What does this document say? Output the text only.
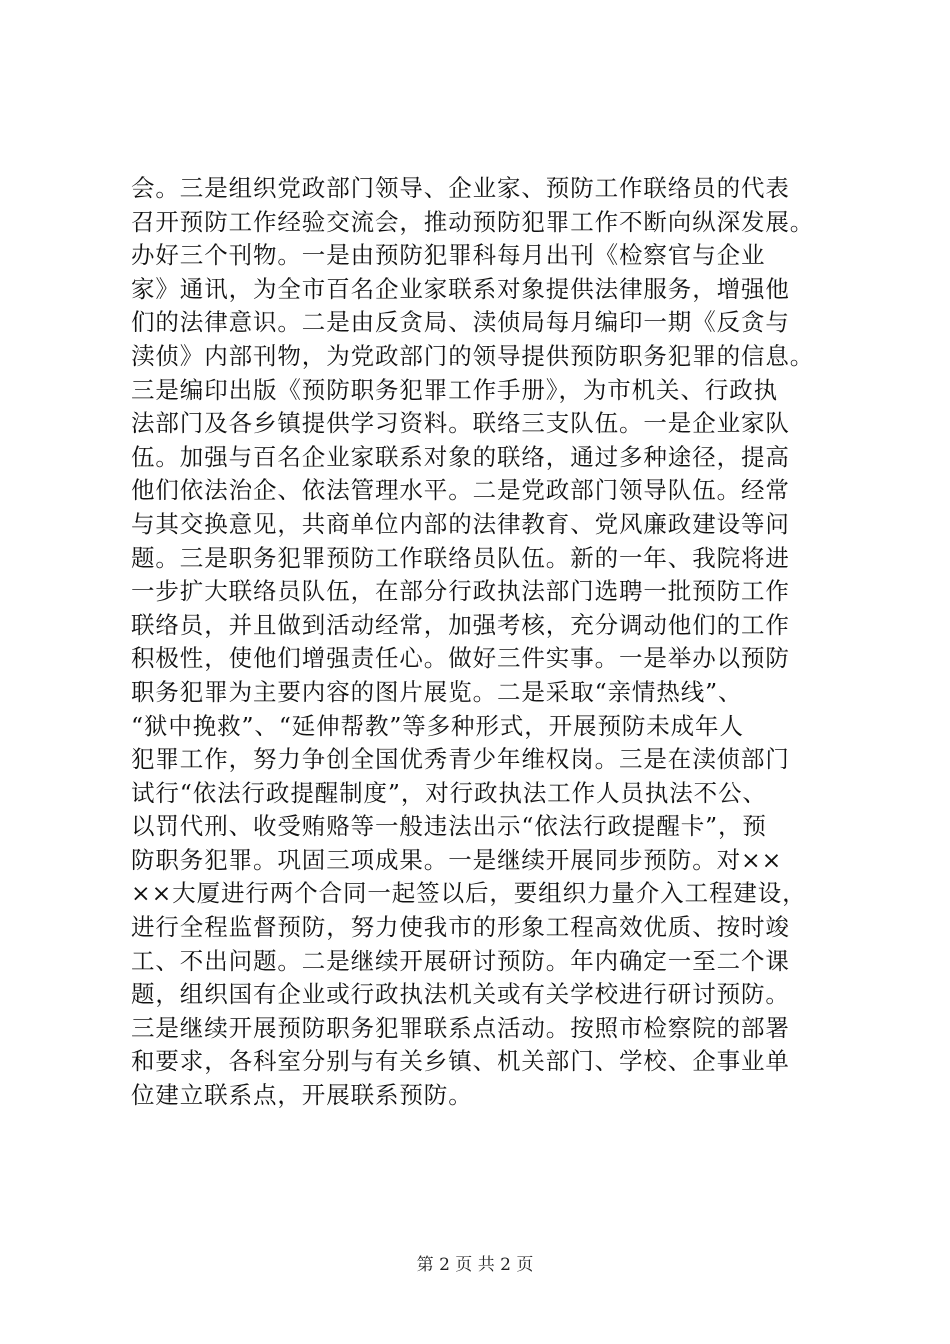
会。三是组织党政部门领导、企业家、预防工作联络员的代表
召开预防工作经验交流会，推动预防犯罪工作不断向纵深发展。
办好三个刊物。一是由预防犯罪科每月出刊《检察官与企业
家》通讯，为全市百名企业家联系对象提供法律服务，增强他
们的法律意识。二是由反贪局、渎侦局每月编印一期《反贪与
渎侦》内部刊物，为党政部门的领导提供预防职务犯罪的信息。
三是编印出版《预防职务犯罪工作手册》，为市机关、行政执
法部门及各乡镇提供学习资料。联络三支队伍。一是企业家队
伍。加强与百名企业家联系对象的联络，通过多种途径，提高
他们依法治企、依法管理水平。二是党政部门领导队伍。经常
与其交换意见，共商单位内部的法律教育、党风廉政建设等问
题。三是职务犯罪预防工作联络员队伍。新的一年、我院将进
一步扩大联络员队伍，在部分行政执法部门选聘一批预防工作
联络员，并且做到活动经常，加强考核，充分调动他们的工作
积极性，使他们增强责任心。做好三件实事。一是举办以预防
职务犯罪为主要内容的图片展览。二是采取“亲情热线”、
“狱中挽救”、“延伸帮教”等多种形式，开展预防未成年人
犯罪工作，努力争创全国优秀青少年维权岗。三是在渎侦部门
试行“依法行政提醒制度”，对行政执法工作人员执法不公、
以罚代刑、收受贿赂等一般违法出示“依法行政提醒卡”，预
防职务犯罪。巩固三项成果。一是继续开展同步预防。对××
××大厦进行两个合同一起签以后，要组织力量介入工程建设，
进行全程监督预防，努力使我市的形象工程高效优质、按时竣
工、不出问题。二是继续开展研讨预防。年内确定一至二个课
题，组织国有企业或行政执法机关或有关学校进行研讨预防。
三是继续开展预防职务犯罪联系点活动。按照市检察院的部署
和要求，各科室分别与有关乡镇、机关部门、学校、企事业单
位建立联系点，开展联系预防。
第 2 页 共 2 页
